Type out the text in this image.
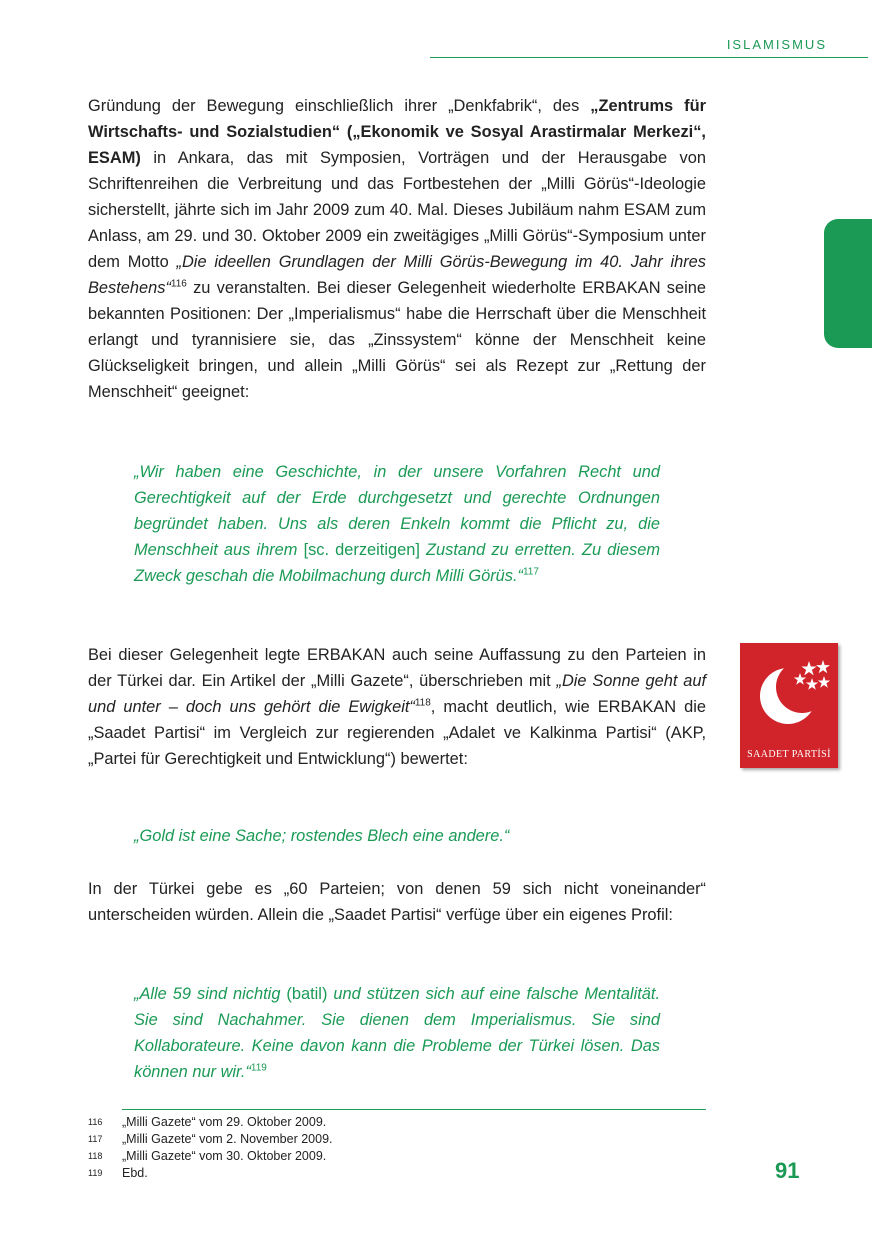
ISLAMISMUS

Gründung der Bewegung einschließlich ihrer „Denkfabrik“, des „Zentrums für Wirtschafts- und Sozialstudien“ („Ekonomik ve Sosyal Arastirmalar Merkezi“, ESAM) in Ankara, das mit Symposien, Vorträgen und der Herausgabe von Schriftenreihen die Verbreitung und das Fortbestehen der „Milli Görüs“-Ideologie sicherstellt, jährte sich im Jahr 2009 zum 40. Mal. Dieses Jubiläum nahm ESAM zum Anlass, am 29. und 30. Oktober 2009 ein zweitägiges „Milli Görüs“-Symposium unter dem Motto „Die ideellen Grundlagen der Milli Görüs-Bewegung im 40. Jahr ihres Bestehens“$^{116}$ zu veranstalten. Bei dieser Gelegenheit wiederholte ERBAKAN seine bekannten Positionen: Der „Imperialismus“ habe die Herrschaft über die Menschheit erlangt und tyrannisiere sie, das „Zinssystem“ könne der Menschheit keine Glückseligkeit bringen, und allein „Milli Görüs“ sei als Rezept zur „Rettung der Menschheit“ geeignet:

„Wir haben eine Geschichte, in der unsere Vorfahren Recht und Gerechtigkeit auf der Erde durchgesetzt und gerechte Ordnungen begründet haben. Uns als deren Enkeln kommt die Pflicht zu, die Menschheit aus ihrem [sc. derzeitigen] Zustand zu erretten. Zu diesem Zweck geschah die Mobilmachung durch Milli Görüs.“$^{117}$

Bei dieser Gelegenheit legte ERBAKAN auch seine Auffassung zu den Parteien in der Türkei dar. Ein Artikel der „Milli Gazete“, überschrieben mit „Die Sonne geht auf und unter – doch uns gehört die Ewigkeit“$^{118}$, macht deutlich, wie ERBAKAN die „Saadet Partisi“ im Vergleich zur regierenden „Adalet ve Kalkinma Partisi“ (AKP, „Partei für Gerechtigkeit und Entwicklung“) bewertet:

„Gold ist eine Sache; rostendes Blech eine andere.“

In der Türkei gebe es „60 Parteien; von denen 59 sich nicht voneinander“ unterscheiden würden. Allein die „Saadet Partisi“ verfüge über ein eigenes Profil:

„Alle 59 sind nichtig (batil) und stützen sich auf eine falsche Mentalität. Sie sind Nachahmer. Sie dienen dem Imperialismus. Sie sind Kollaborateure. Keine davon kann die Probleme der Türkei lösen. Das können nur wir.“$^{119}$

SAADET PARTİSİ
116	„Milli Gazete“ vom 29. Oktober 2009.
117	„Milli Gazete“ vom 2. November 2009.
118	„Milli Gazete“ vom 30. Oktober 2009.
119	Ebd.	91
